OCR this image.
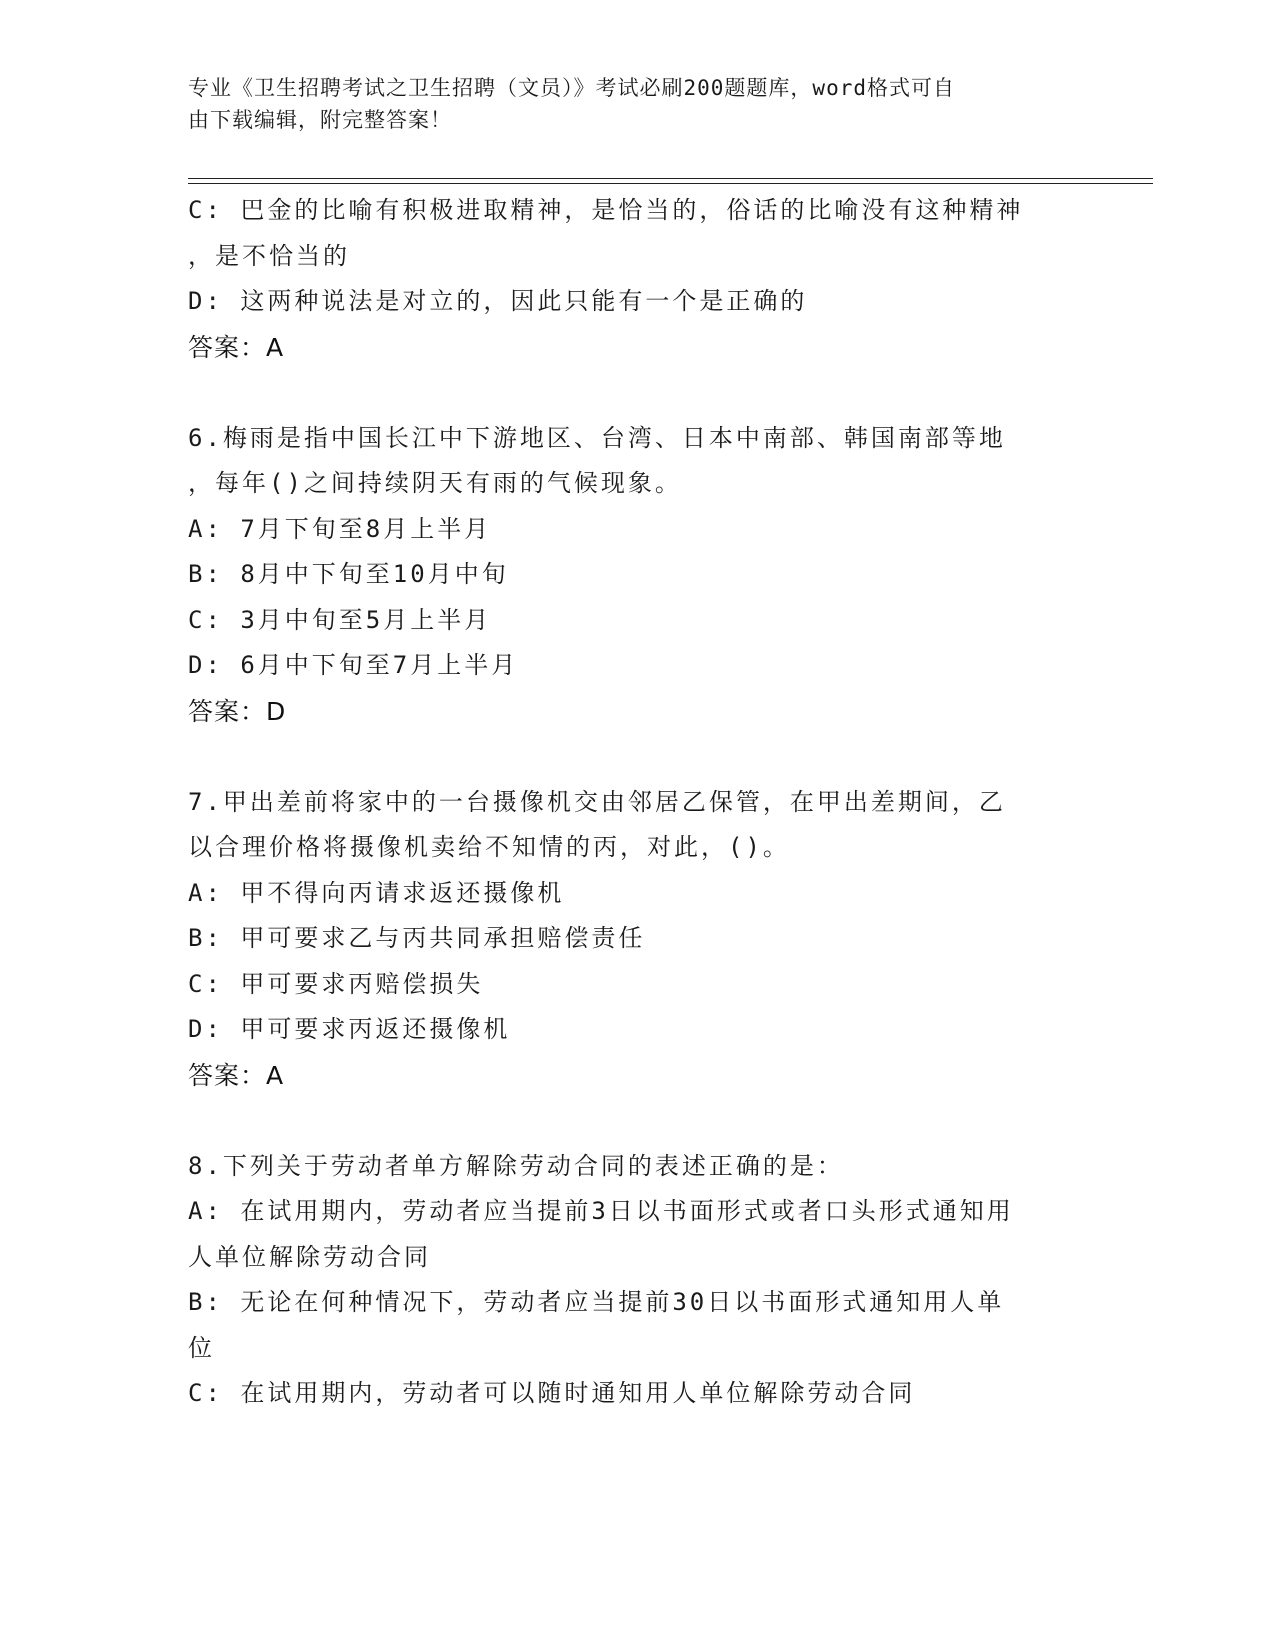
专业《卫生招聘考试之卫生招聘（文员）》考试必刷200题题库，word格式可自
由下载编辑，附完整答案！
C: 巴金的比喻有积极进取精神，是恰当的，俗话的比喻没有这种精神
，是不恰当的
D: 这两种说法是对立的，因此只能有一个是正确的
答案：A
6.梅雨是指中国长江中下游地区、台湾、日本中南部、韩国南部等地
，每年()之间持续阴天有雨的气候现象。
A: 7月下旬至8月上半月
B: 8月中下旬至10月中旬
C: 3月中旬至5月上半月
D: 6月中下旬至7月上半月
答案：D
7.甲出差前将家中的一台摄像机交由邻居乙保管，在甲出差期间，乙
以合理价格将摄像机卖给不知情的丙，对此，()。
A: 甲不得向丙请求返还摄像机
B: 甲可要求乙与丙共同承担赔偿责任
C: 甲可要求丙赔偿损失
D: 甲可要求丙返还摄像机
答案：A
8.下列关于劳动者单方解除劳动合同的表述正确的是：
A: 在试用期内，劳动者应当提前3日以书面形式或者口头形式通知用
人单位解除劳动合同
B: 无论在何种情况下，劳动者应当提前30日以书面形式通知用人单
位
C: 在试用期内，劳动者可以随时通知用人单位解除劳动合同
